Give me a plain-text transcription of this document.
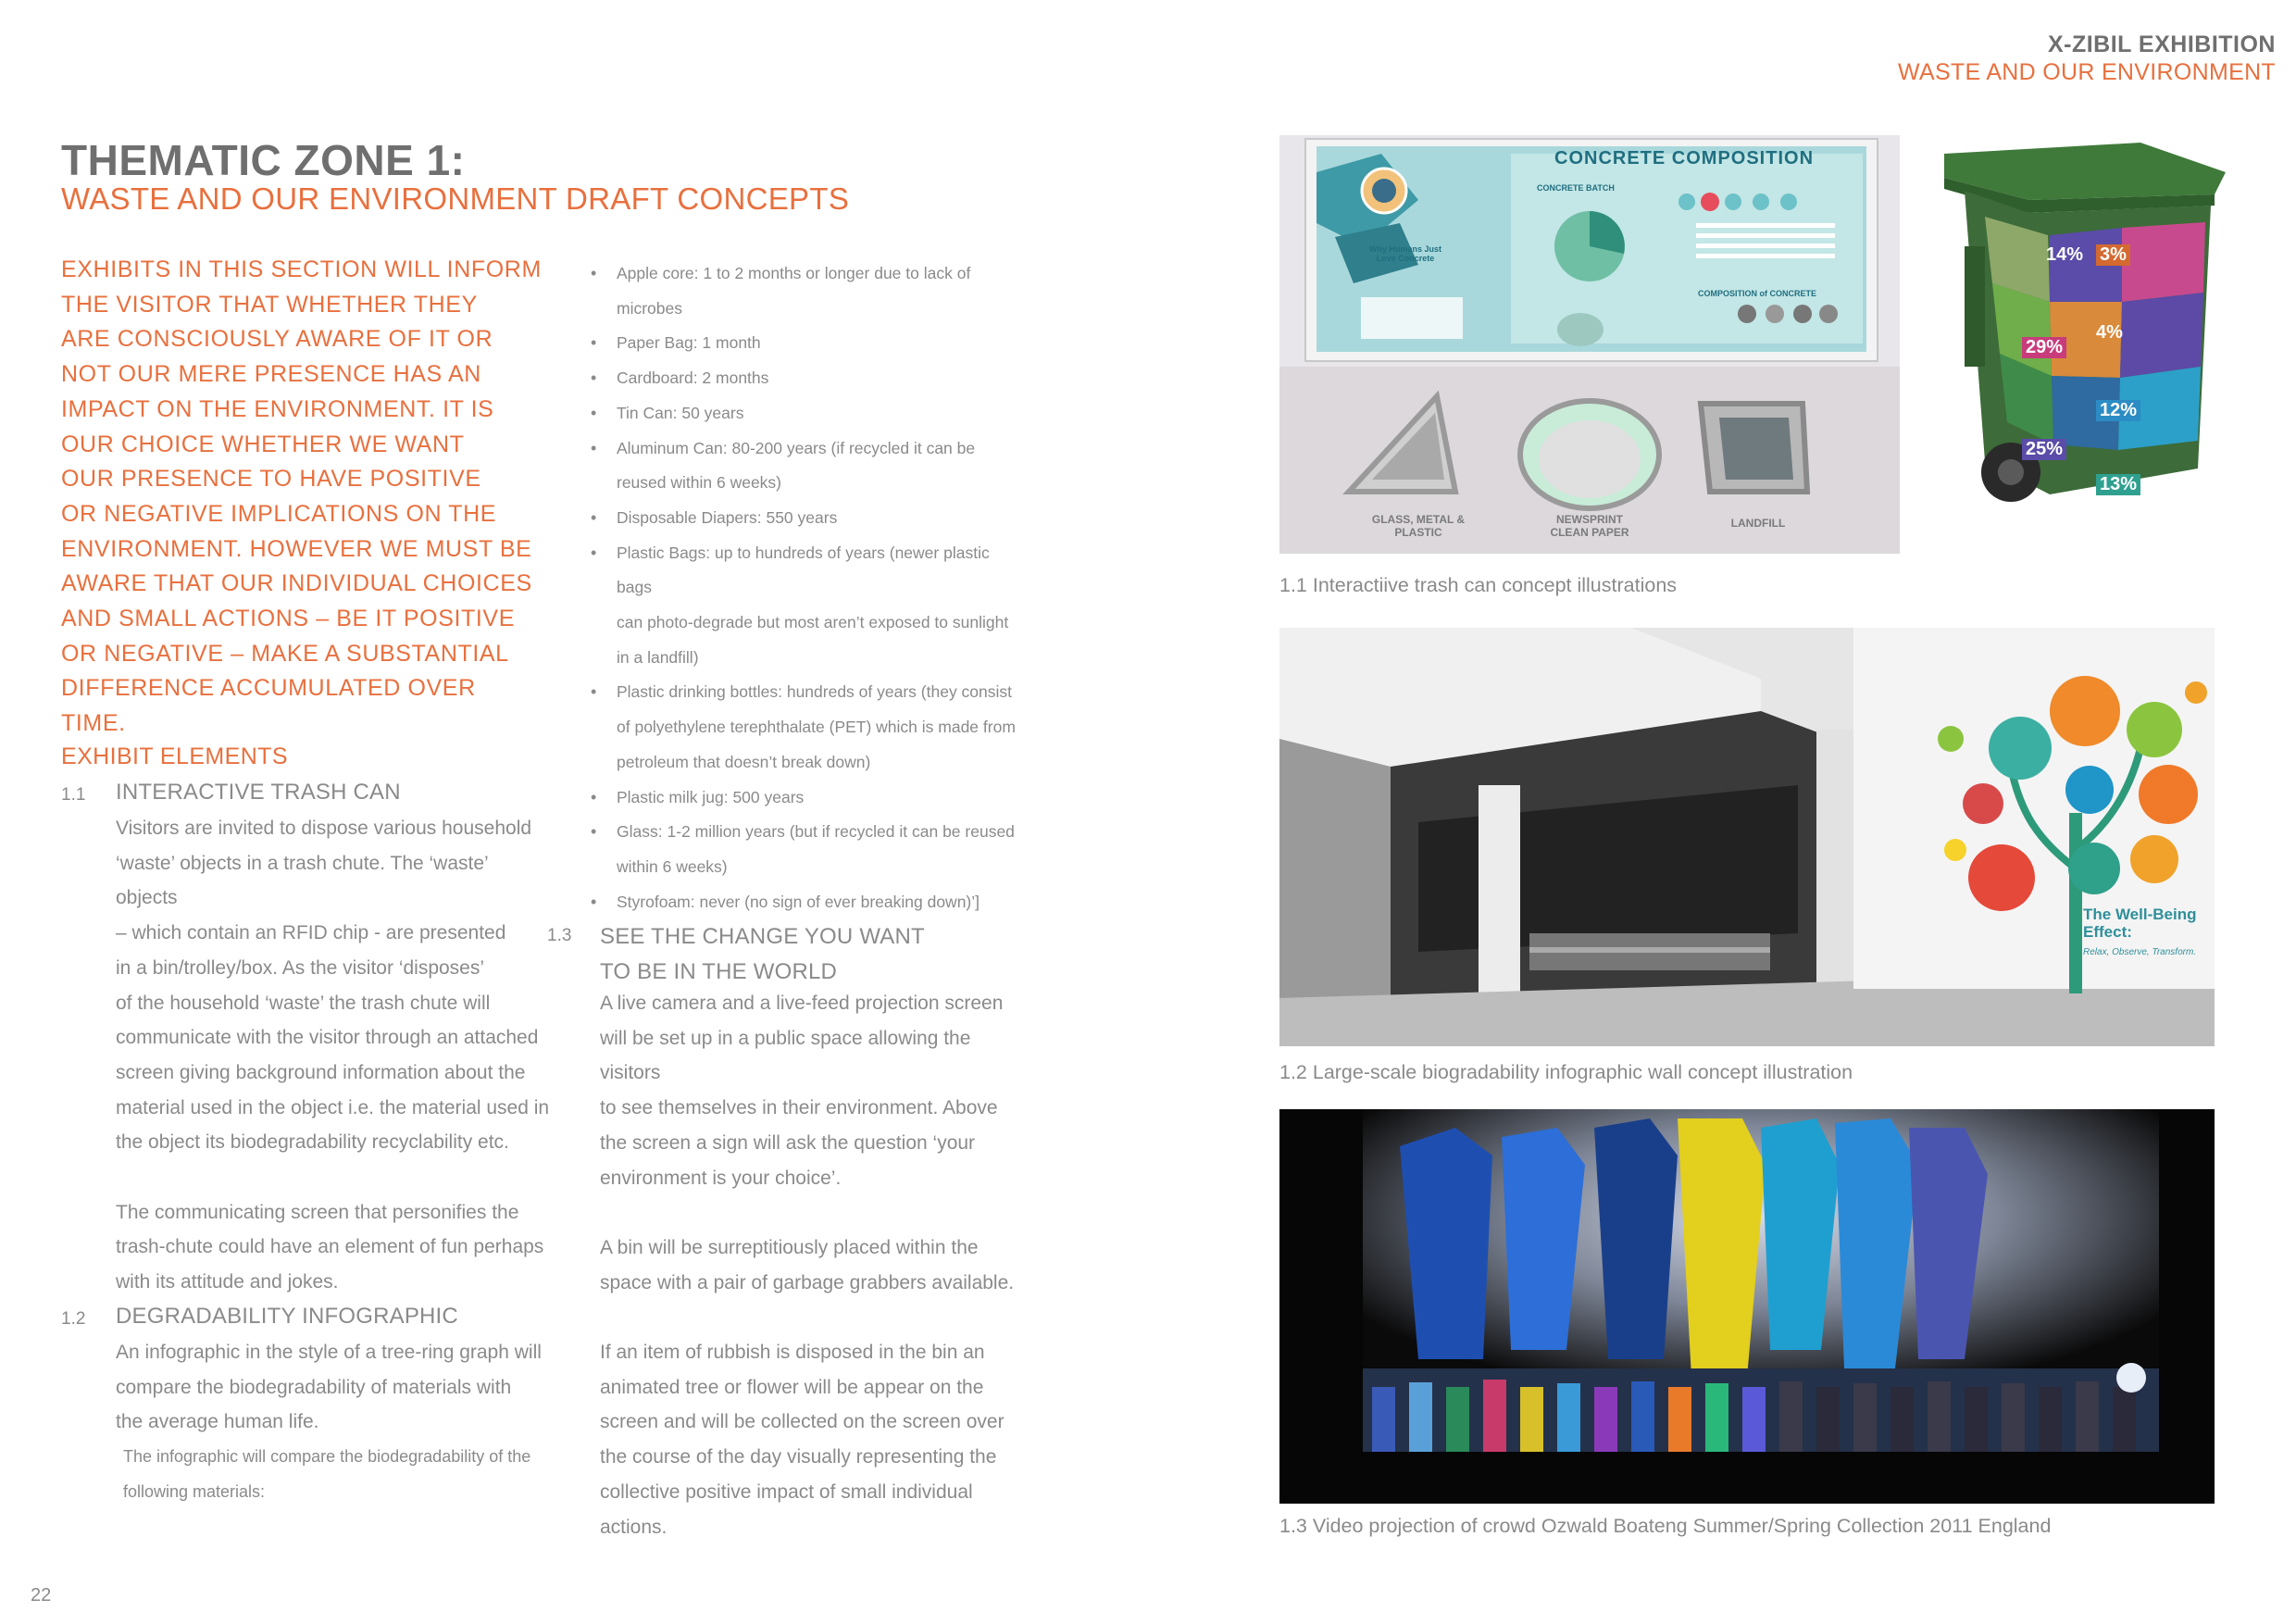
X-ZIBIL EXHIBITION
WASTE AND OUR ENVIRONMENT
THEMATIC ZONE 1:
WASTE AND OUR ENVIRONMENT DRAFT CONCEPTS
EXHIBITS IN THIS SECTION WILL INFORM
THE VISITOR THAT WHETHER THEY
ARE CONSCIOUSLY AWARE OF IT OR
NOT OUR MERE PRESENCE HAS AN
IMPACT ON THE ENVIRONMENT. IT IS
OUR CHOICE WHETHER WE WANT
OUR PRESENCE TO HAVE POSITIVE
OR NEGATIVE IMPLICATIONS ON THE
ENVIRONMENT. HOWEVER WE MUST BE
AWARE THAT OUR INDIVIDUAL CHOICES
AND SMALL ACTIONS – BE IT POSITIVE
OR NEGATIVE – MAKE A SUBSTANTIAL
DIFFERENCE ACCUMULATED OVER TIME.
EXHIBIT ELEMENTS
1.1 INTERACTIVE TRASH CAN
Visitors are invited to dispose various household
‘waste’ objects in a trash chute. The ‘waste’ objects
– which contain an RFID chip - are presented
in a bin/trolley/box. As the visitor ‘disposes’
of the household ‘waste’ the trash chute will
communicate with the visitor through an attached
screen giving background information about the
material used in the object i.e. the material used in
the object its biodegradability recyclability etc.
The communicating screen that personifies the
trash-chute could have an element of fun perhaps
with its attitude and jokes.
1.2 DEGRADABILITY INFOGRAPHIC
An infographic in the style of a tree-ring graph will
compare the biodegradability of materials with
the average human life.
The infographic will compare the biodegradability of the
following materials:
• Apple core: 1 to 2 months or longer due to lack of
microbes
• Paper Bag: 1 month
• Cardboard: 2 months
• Tin Can: 50 years
• Aluminum Can: 80-200 years (if recycled it can be
reused within 6 weeks)
• Disposable Diapers: 550 years
• Plastic Bags: up to hundreds of years (newer plastic bags
can photo-degrade but most aren’t exposed to sunlight
in a landfill)
• Plastic drinking bottles: hundreds of years (they consist
of polyethylene terephthalate (PET) which is made from
petroleum that doesn’t break down)
• Plastic milk jug: 500 years
• Glass: 1-2 million years (but if recycled it can be reused
within 6 weeks)
• Styrofoam: never (no sign of ever breaking down)’]
1.3 SEE THE CHANGE YOU WANT
TO BE IN THE WORLD
A live camera and a live-feed projection screen
will be set up in a public space allowing the visitors
to see themselves in their environment. Above
the screen a sign will ask the question ‘your
environment is your choice’.
A bin will be surreptitiously placed within the
space with a pair of garbage grabbers available.
If an item of rubbish is disposed in the bin an
animated tree or flower will be appear on the
screen and will be collected on the screen over
the course of the day visually representing the
collective positive impact of small individual
actions.
CONCRETE COMPOSITION
CONCRETE BATCH
COMPOSITION of CONCRETE
Why Humans Just Love Concrete
GLASS, METAL & PLASTIC
NEWSPRINT CLEAN PAPER
LANDFILL
14% 3%
29%
4%
12%
25%
13%
1.1 Interactiive trash can concept illustrations
The Well-Being Effect:
Relax, Observe, Transform.
1.2 Large-scale biogradability infographic wall concept illustration
1.3 Video projection of crowd Ozwald Boateng Summer/Spring Collection 2011 England
22
